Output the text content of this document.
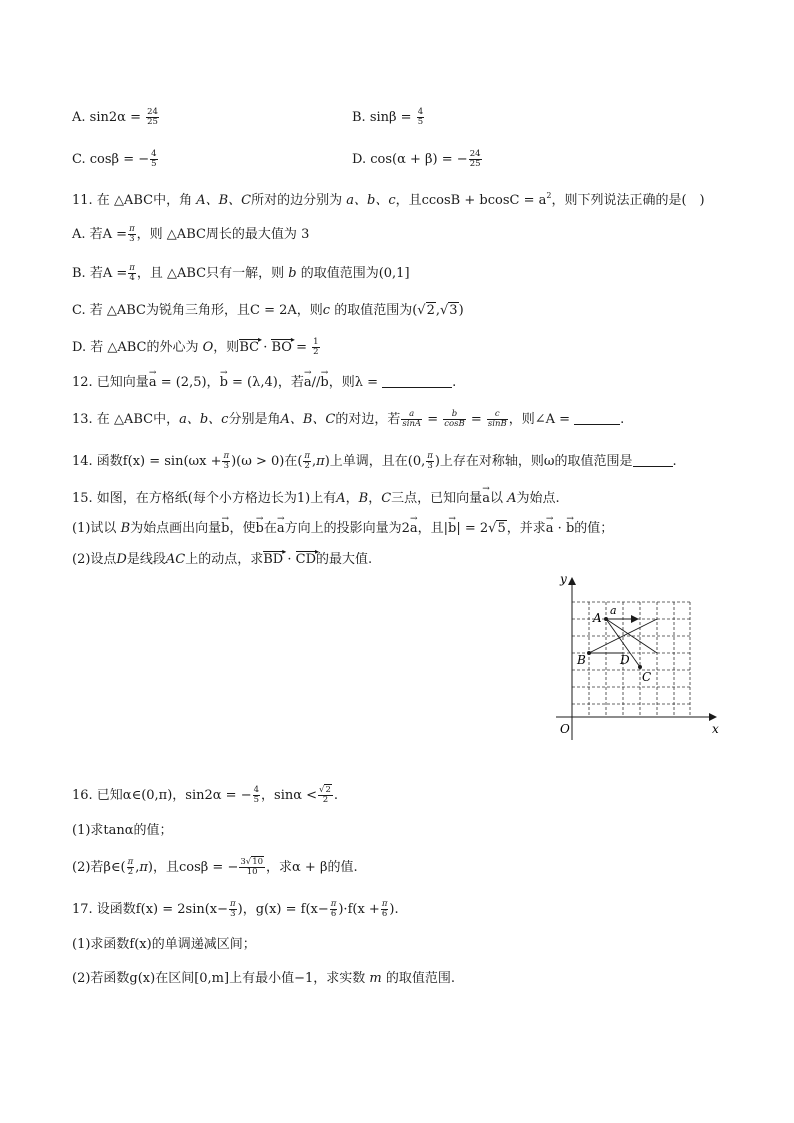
A. $\sin 2\alpha = \frac{24}{25}$	B. $\sin\beta = \frac{4}{5}$
C. cosβ = − $\frac{4}{5}$	D. cos(α + β) = − $\frac{24}{25}$
11. 在 △ABC中，角 A、B、C所对的边分别为 a、b、c，且$ccosB + bcosC = a^2$，则下列说法正确的是(　)
A. 若$A = \frac{\pi}{3}$ ，则 △ABC周长的最大值为 3
B. 若$A = \frac{\pi}{4}$ ，且 △ABC只有一解，则 b 的取值范围为(0,1]
C. 若 △ABC为锐角三角形，且C = 2A，则c 的取值范围为(√2,√3)
D. 若 △ABC的外心为 O，则BC ▸ · BO ▸ = $\frac{1}{2}$
12. 已知向量→ a = (2,5)，→ b = (λ,4)，若→ a//→ b，则λ =	.
13. 在 △ABC中，a、b、c分别是角A、B、C的对边，若 $\frac{a}{\sin A} = \frac{b}{\cos B} = \frac{c}{\sin B}$ ，则∠A =	.
14. 函数$f(x) = \sin(\omega x + \frac{\pi}{3} )(\omega > 0)$在( $\frac{\pi}{2} ,\pi$)上单调，且在(0, $\frac{\pi}{3}$ )上存在对称轴，则ω的取值范围是	.
15. 如图，在方格纸(每个小方格边长为1)上有A，B，C三点，已知向量→ a以 A为始点.
(1)试以 B为始点画出向量→ b，使→ b在→ a方向上的投影向量为2→ a，且|→ b| = 2√5，并求→ a · → b的值；
(2)设点D是线段AC上的动点，求BD ▸ · CD ▸的最大值.
x
y
O
A
a
B	D
C
16. 已知α∈(0,π)，sin2α = − $\frac{4}{5}$ ，$\sin\alpha < \frac{√2}{2}$ .
(1)求tanα的值；
(2)若β∈( $\frac{\pi}{2} ,\pi$)，且cosβ = − $\frac{3√10}{10}$ ，求α + β的值.
17. 设函数$f(x) = 2\sin(x- \frac{\pi}{3}$ )，$g(x) = f(x- \frac{\pi}{6} )\cdot f(x + \frac{\pi}{6}$ ).
(1)求函数f(x)的单调递减区间；
(2)若函数g(x)在区间[0,m]上有最小值−1，求实数 m 的取值范围.
